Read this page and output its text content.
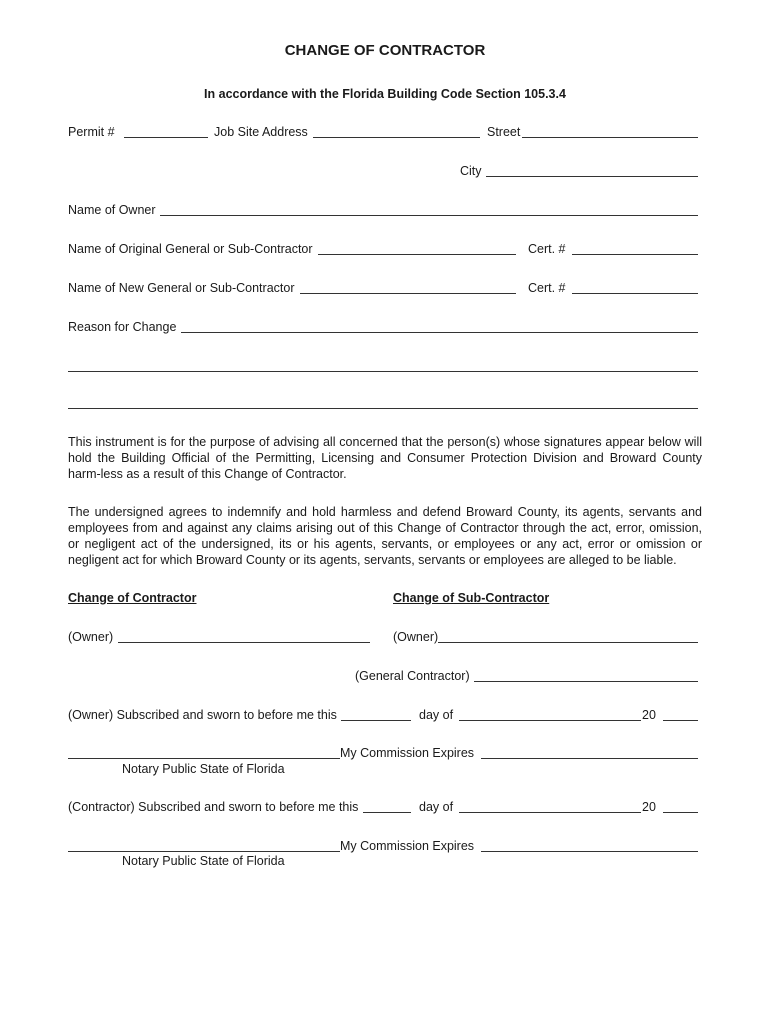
CHANGE OF CONTRACTOR
In accordance with the Florida Building Code Section 105.3.4
Permit #	Job Site Address	Street
City
Name of Owner
Name of Original General or Sub-Contractor	Cert. #
Name of New General or Sub-Contractor	Cert. #
Reason for Change
This instrument is for the purpose of advising all concerned that the person(s) whose signatures appear below will hold the Building Official of the Permitting, Licensing and Consumer Protection Division and Broward County harm-less as a result of this Change of Contractor.
The undersigned agrees to indemnify and hold harmless and defend Broward County, its agents, servants and employees from and against any claims arising out of this Change of Contractor through the act, error, omission, or negligent act of the undersigned, its or his agents, servants, or employees or any act, error or omission or negligent act for which Broward County or its agents, servants, servants or employees are alleged to be liable.
Change of Contractor	Change of Sub-Contractor
(Owner)	(Owner)
(General Contractor)
(Owner) Subscribed and sworn to before me this	day of	20
My Commission Expires
Notary Public State of Florida
(Contractor) Subscribed and sworn to before me this	day of	20
My Commission Expires
Notary Public State of Florida
